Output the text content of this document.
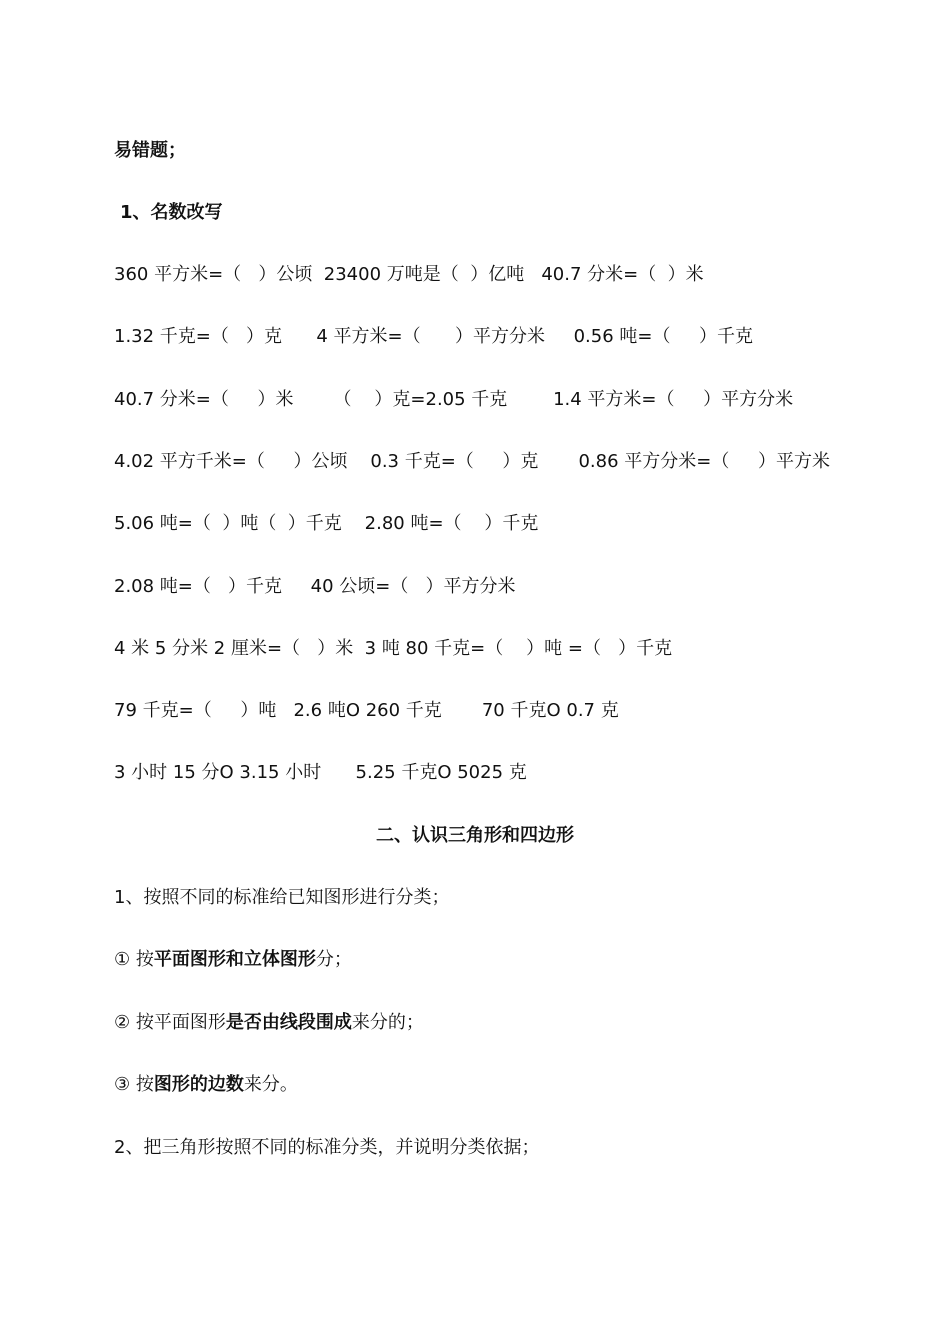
易错题；
1、名数改写
360 平方米=（   ）公顷  23400 万吨是（  ）亿吨   40.7 分米=（  ）米
1.32 千克=（   ）克      4 平方米=（      ）平方分米     0.56 吨=（     ）千克
40.7 分米=（     ）米       （    ）克=2.05 千克        1.4 平方米=（     ）平方分米
4.02 平方千米=（     ）公顷    0.3 千克=（     ）克       0.86 平方分米=（     ）平方米
5.06 吨=（  ）吨（  ）千克    2.80 吨=（    ）千克
2.08 吨=（   ）千克     40 公顷=（   ）平方分米
4 米 5 分米 2 厘米=（   ）米  3 吨 80 千克=（    ）吨 =（   ）千克
79 千克=（     ）吨   2.6 吨O 260 千克       70 千克O 0.7 克
3 小时 15 分O 3.15 小时      5.25 千克O 5025 克
二、认识三角形和四边形
1、按照不同的标准给已知图形进行分类；
① 按平面图形和立体图形分；
② 按平面图形是否由线段围成来分的；
③ 按图形的边数来分。
2、把三角形按照不同的标准分类，并说明分类依据；
